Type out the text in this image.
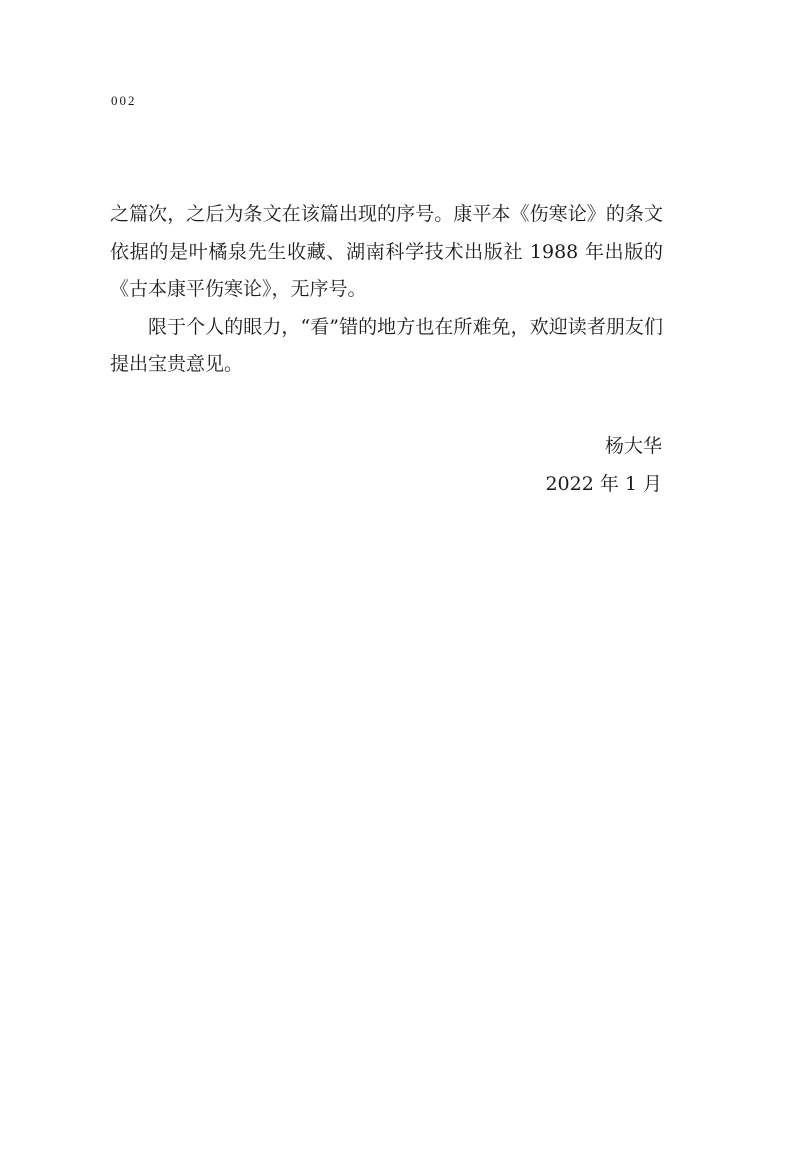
002

之篇次，之后为条文在该篇出现的序号。康平本《伤寒论》的条文依据的是叶橘泉先生收藏、湖南科学技术出版社 1988 年出版的《古本康平伤寒论》，无序号。

限于个人的眼力，“看”错的地方也在所难免，欢迎读者朋友们提出宝贵意见。

杨大华
2022 年 1 月
